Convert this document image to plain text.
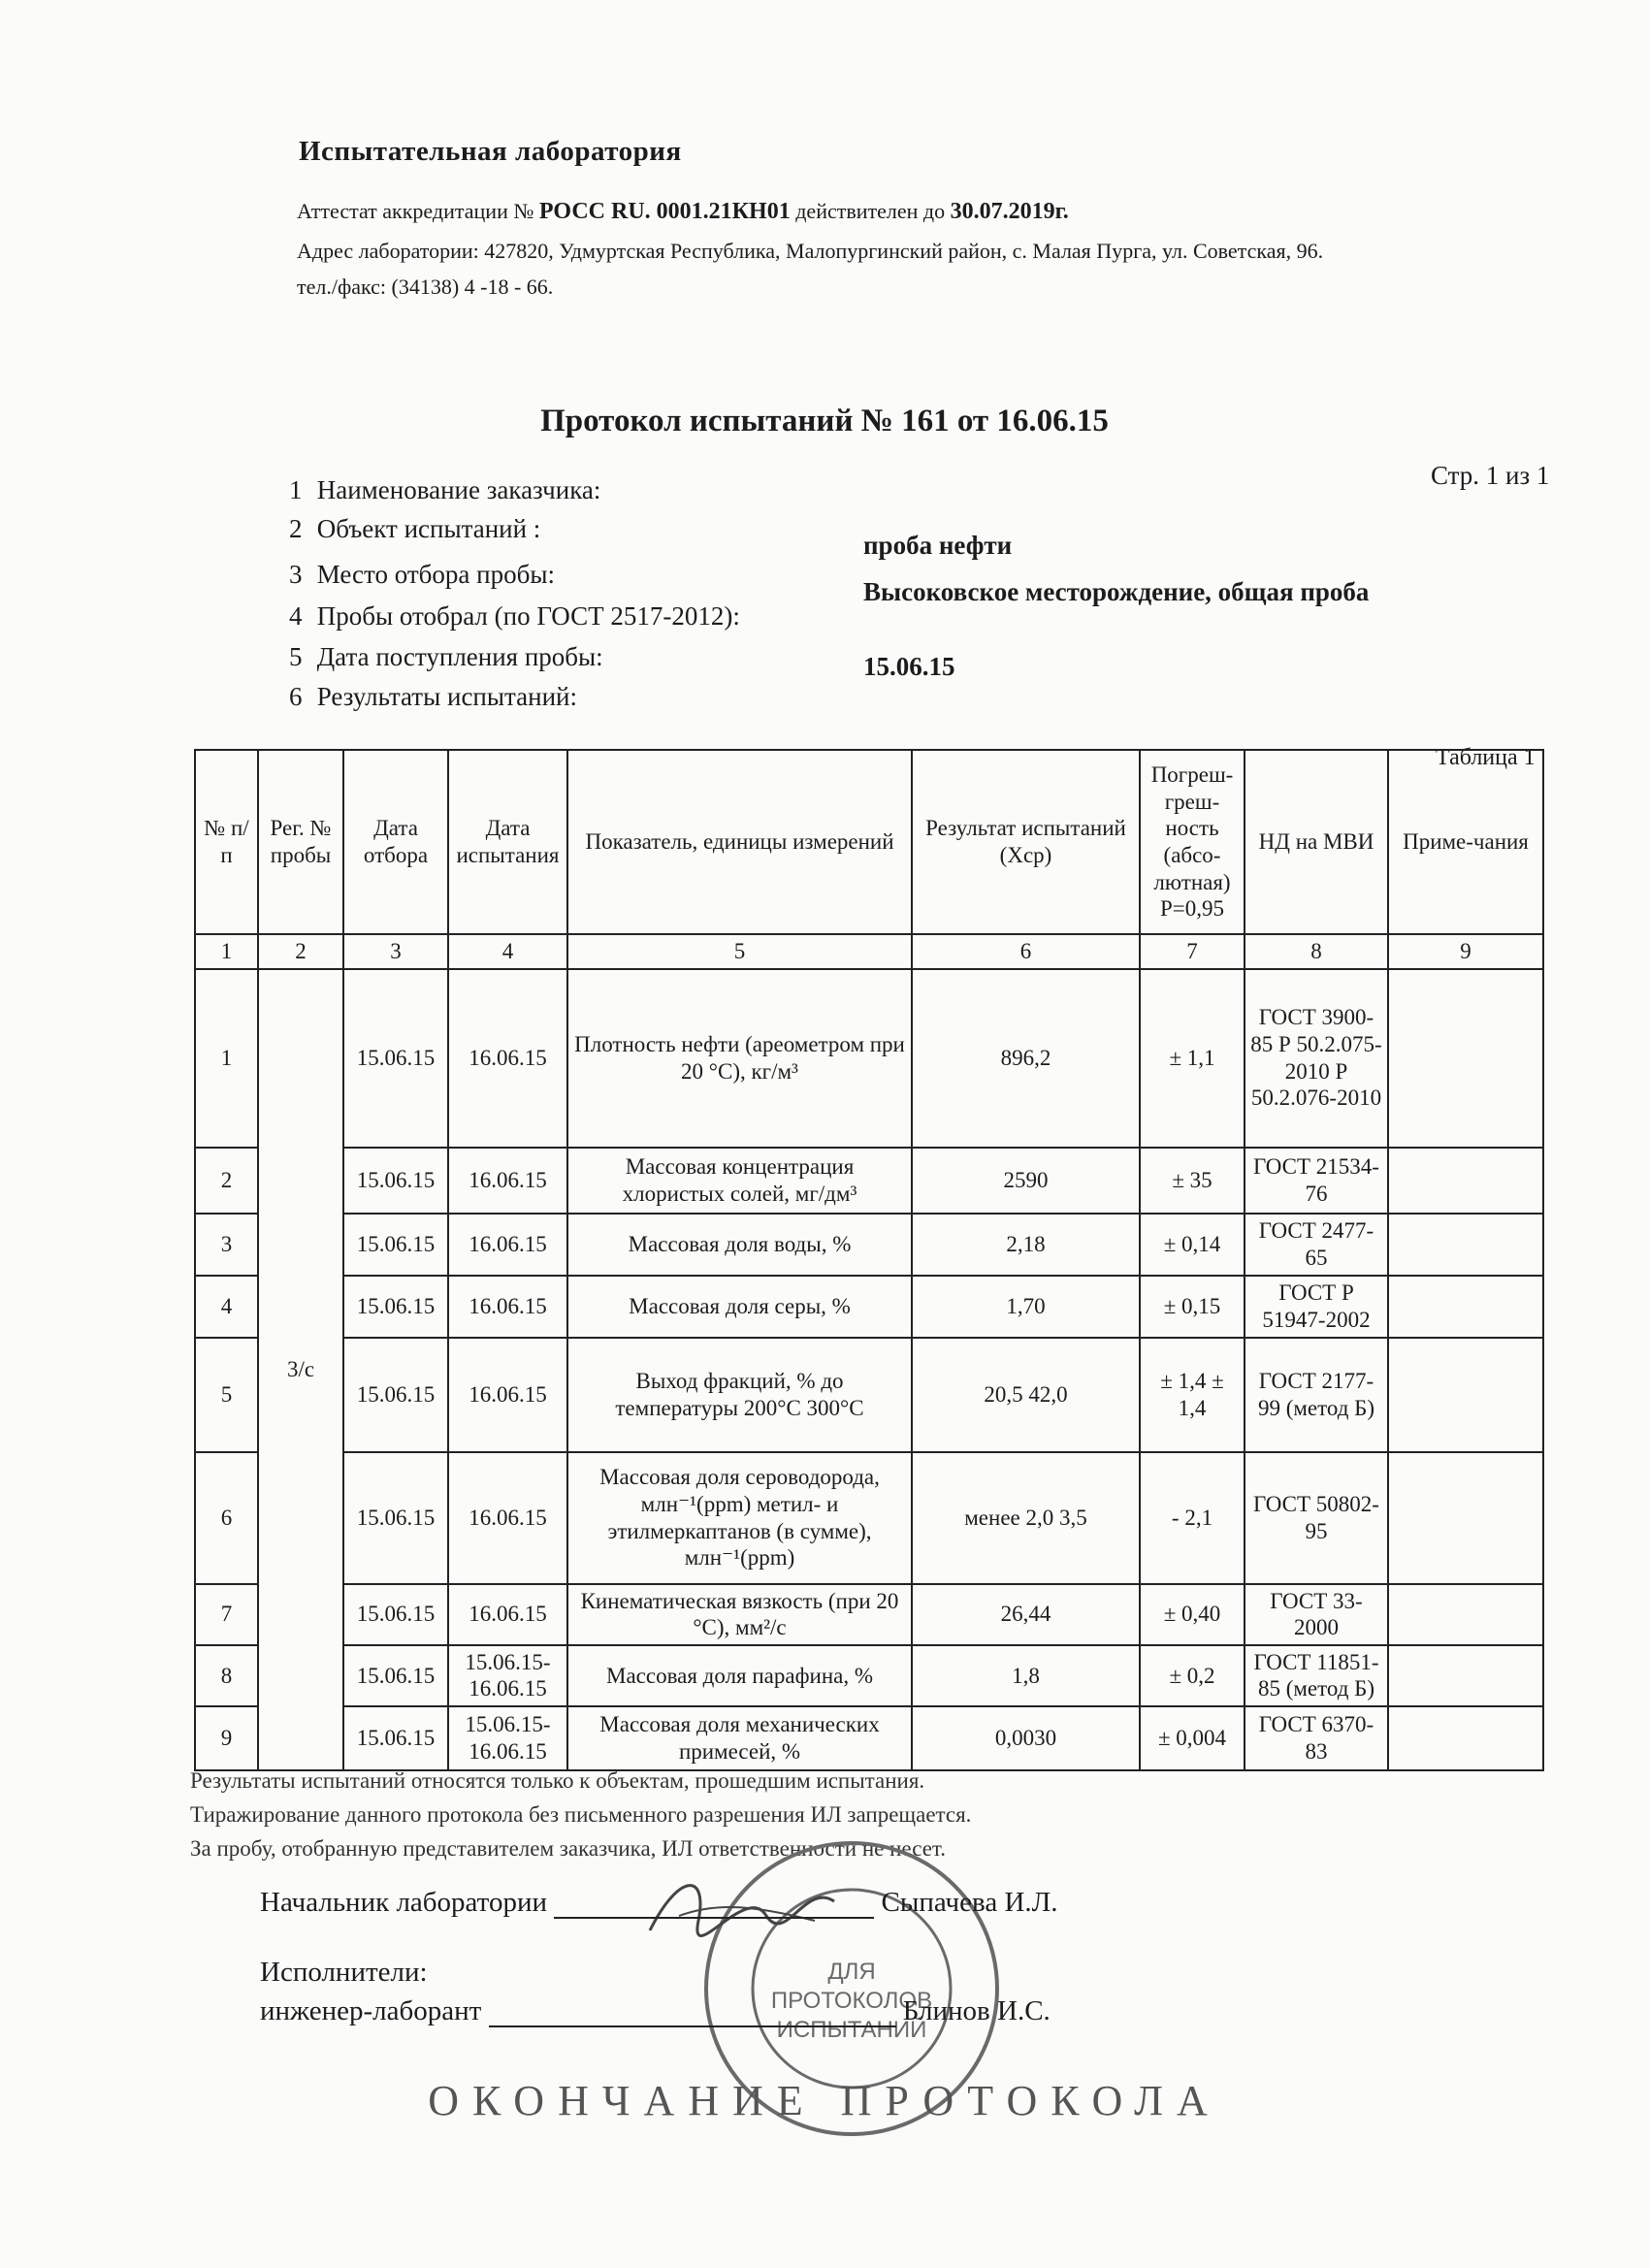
Испытательная лаборатория
Аттестат аккредитации № РОСС RU. 0001.21КН01 действителен до 30.07.2019г.
Адрес лаборатории: 427820, Удмуртская Республика, Малопургинский район, с. Малая Пурга, ул. Советская, 96.
тел./факс: (34138) 4 -18 - 66.
Протокол испытаний № 161 от 16.06.15
Стр. 1 из 1
1 Наименование заказчика:
2 Объект испытаний :
3 Место отбора пробы:
4 Пробы отобрал (по ГОСТ 2517-2012):
5 Дата поступления пробы:
6 Результаты испытаний:
проба нефти
Высоковское месторождение, общая проба
15.06.15
Таблица 1
№ п/п	Рег. № пробы	Дата отбора	Дата испытания	Показатель, единицы измерений	Результат испытаний (Xср)	Погреш-греш-ность (абсо-лютная) Р=0,95	НД на МВИ	Приме-чания
1	2	3	4	5	6	7	8	9
1	3/с	15.06.15	16.06.15	Плотность нефти (ареометром при 20 °С), кг/м³	896,2	± 1,1	ГОСТ 3900-85 Р 50.2.075-2010 Р 50.2.076-2010	
2		15.06.15	16.06.15	Массовая концентрация хлористых солей, мг/дм³	2590	± 35	ГОСТ 21534-76	
3		15.06.15	16.06.15	Массовая доля воды, %	2,18	± 0,14	ГОСТ 2477-65	
4		15.06.15	16.06.15	Массовая доля серы, %	1,70	± 0,15	ГОСТ Р 51947-2002	
5		15.06.15	16.06.15	Выход фракций, % до температуры 200°С 300°С	20,5 42,0	± 1,4 ± 1,4	ГОСТ 2177-99 (метод Б)	
6		15.06.15	16.06.15	Массовая доля сероводорода, млн⁻¹(ppm) метил- и этилмеркаптанов (в сумме), млн⁻¹(ppm)	менее 2,0 3,5	- 2,1	ГОСТ 50802-95	
7		15.06.15	16.06.15	Кинематическая вязкость (при 20 °С), мм²/с	26,44	± 0,40	ГОСТ 33-2000	
8		15.06.15	15.06.15-16.06.15	Массовая доля парафина, %	1,8	± 0,2	ГОСТ 11851-85 (метод Б)	
9		15.06.15	15.06.15-16.06.15	Массовая доля механических примесей, %	0,0030	± 0,004	ГОСТ 6370-83	
Результаты испытаний относятся только к объектам, прошедшим испытания.
Тиражирование данного протокола без письменного разрешения ИЛ запрещается.
За пробу, отобранную представителем заказчика, ИЛ ответственности не несет.
ДЛЯ
ПРОТОКОЛОВ
ИСПЫТАНИЙ
Начальник лаборатории	Сыпачева И.Л.
Исполнители:
инженер-лаборант	Блинов И.С.
ОКОНЧАНИЕ ПРОТОКОЛА
